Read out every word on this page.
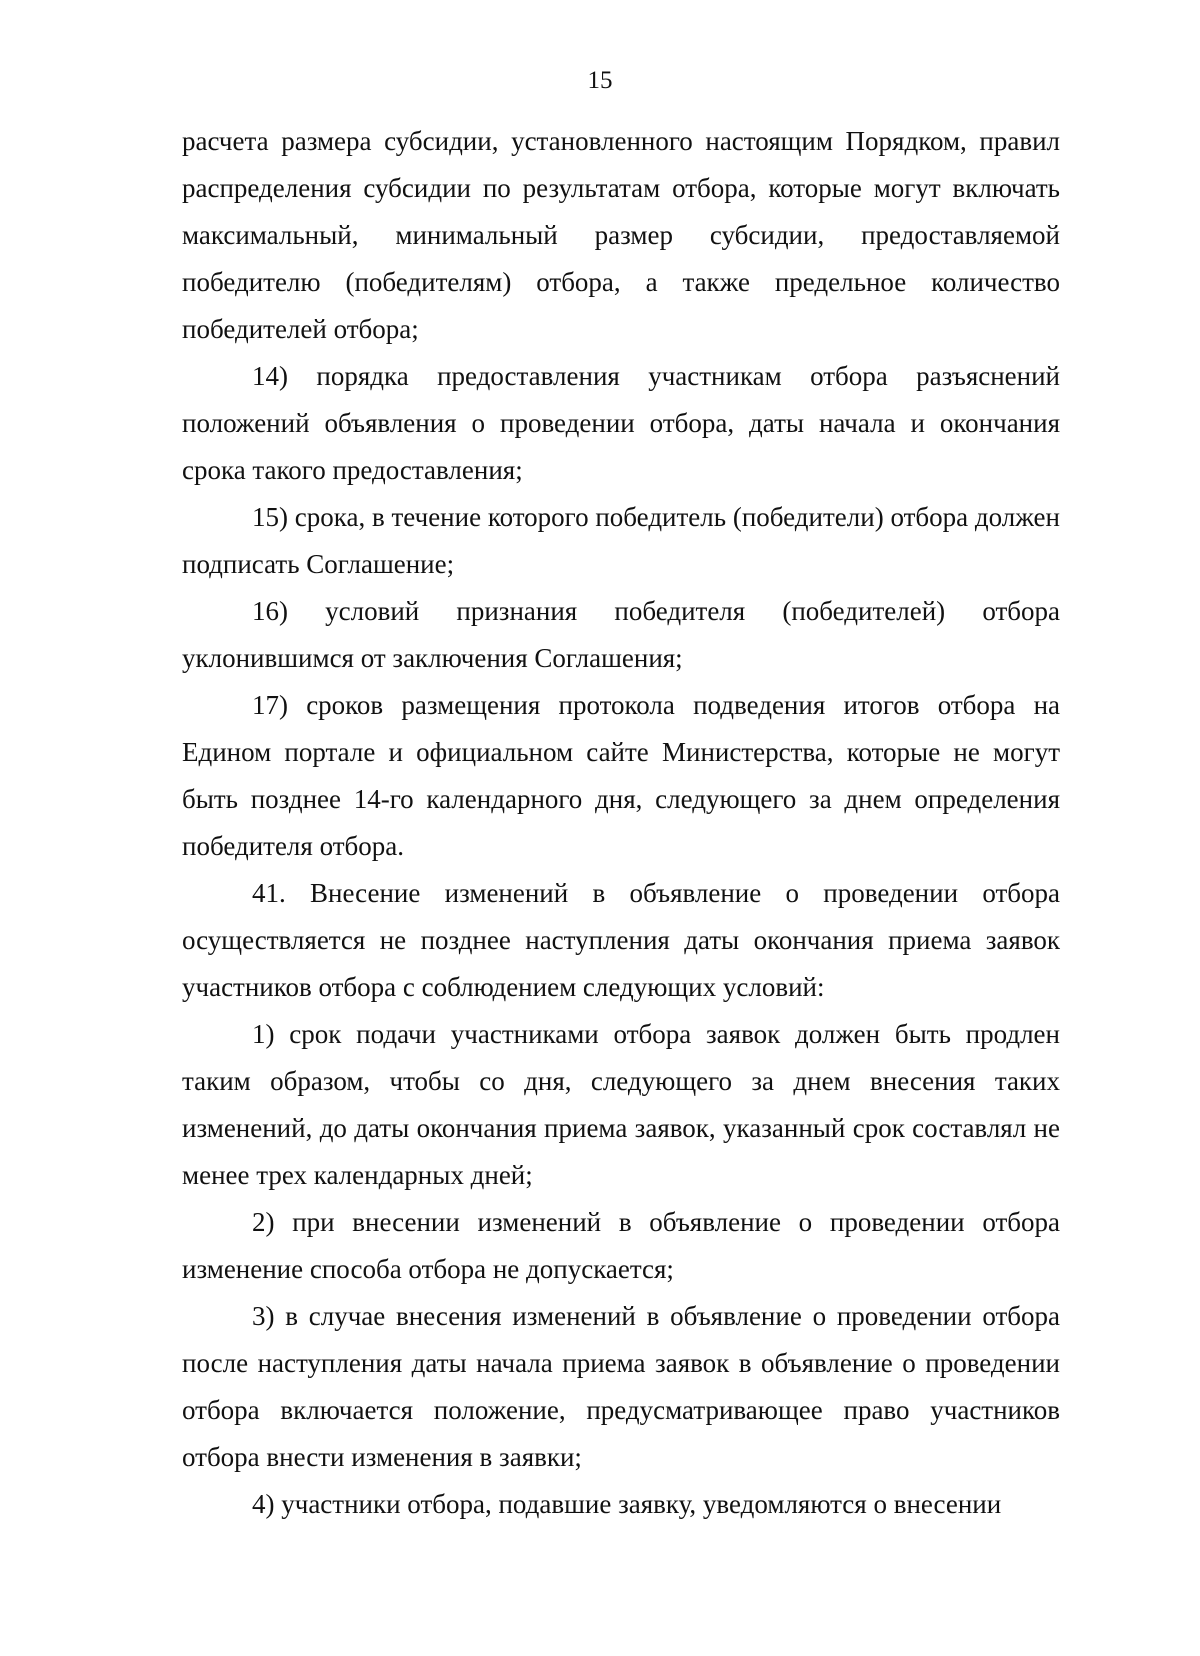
15

расчета размера субсидии, установленного настоящим Порядком, правил распределения субсидии по результатам отбора, которые могут включать максимальный, минимальный размер субсидии, предоставляемой победителю (победителям) отбора, а также предельное количество победителей отбора;

14) порядка предоставления участникам отбора разъяснений положений объявления о проведении отбора, даты начала и окончания срока такого предоставления;

15) срока, в течение которого победитель (победители) отбора должен подписать Соглашение;

16) условий признания победителя (победителей) отбора уклонившимся от заключения Соглашения;

17) сроков размещения протокола подведения итогов отбора на Едином портале и официальном сайте Министерства, которые не могут быть позднее 14-го календарного дня, следующего за днем определения победителя отбора.

41. Внесение изменений в объявление о проведении отбора осуществляется не позднее наступления даты окончания приема заявок участников отбора с соблюдением следующих условий:

1) срок подачи участниками отбора заявок должен быть продлен таким образом, чтобы со дня, следующего за днем внесения таких изменений, до даты окончания приема заявок, указанный срок составлял не менее трех календарных дней;

2) при внесении изменений в объявление о проведении отбора изменение способа отбора не допускается;

3) в случае внесения изменений в объявление о проведении отбора после наступления даты начала приема заявок в объявление о проведении отбора включается положение, предусматривающее право участников отбора внести изменения в заявки;

4) участники отбора, подавшие заявку, уведомляются о внесении
